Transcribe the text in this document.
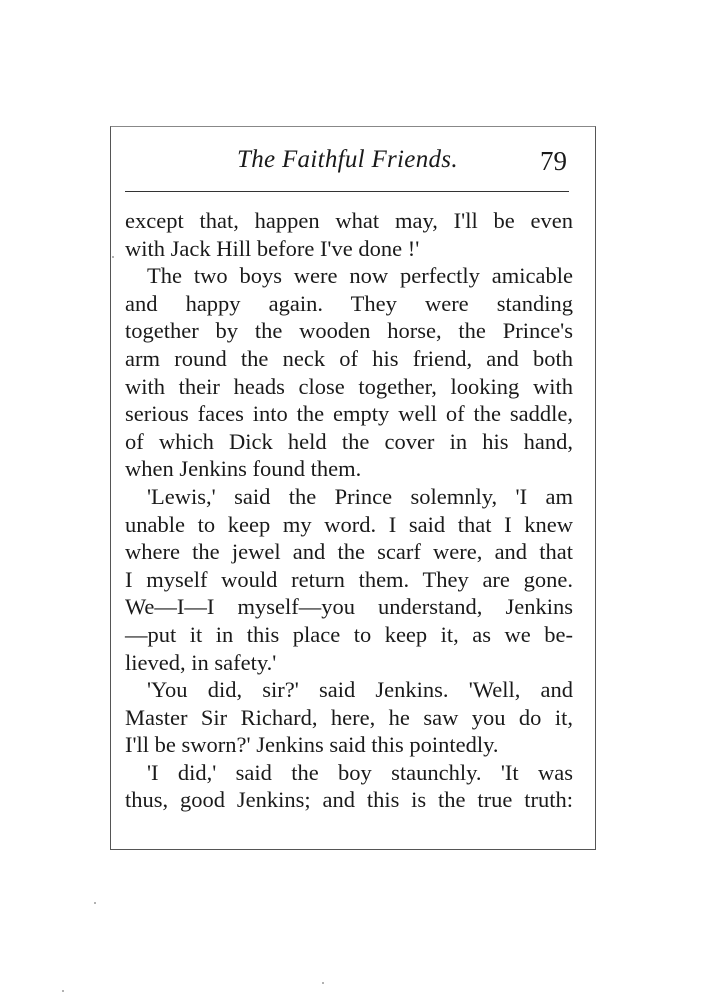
The Faithful Friends.	79
except that, happen what may, I'll be even
with Jack Hill before I've done !'
The two boys were now perfectly amicable
and happy again. They were standing
together by the wooden horse, the Prince's
arm round the neck of his friend, and both
with their heads close together, looking with
serious faces into the empty well of the saddle,
of which Dick held the cover in his hand,
when Jenkins found them.
'Lewis,' said the Prince solemnly, 'I am
unable to keep my word. I said that I knew
where the jewel and the scarf were, and that
I myself would return them. They are gone.
We—I—I myself—you understand, Jenkins
—put it in this place to keep it, as we be-
lieved, in safety.'
'You did, sir?' said Jenkins. 'Well, and
Master Sir Richard, here, he saw you do it,
I'll be sworn?' Jenkins said this pointedly.
'I did,' said the boy staunchly. 'It was
thus, good Jenkins; and this is the true truth:
